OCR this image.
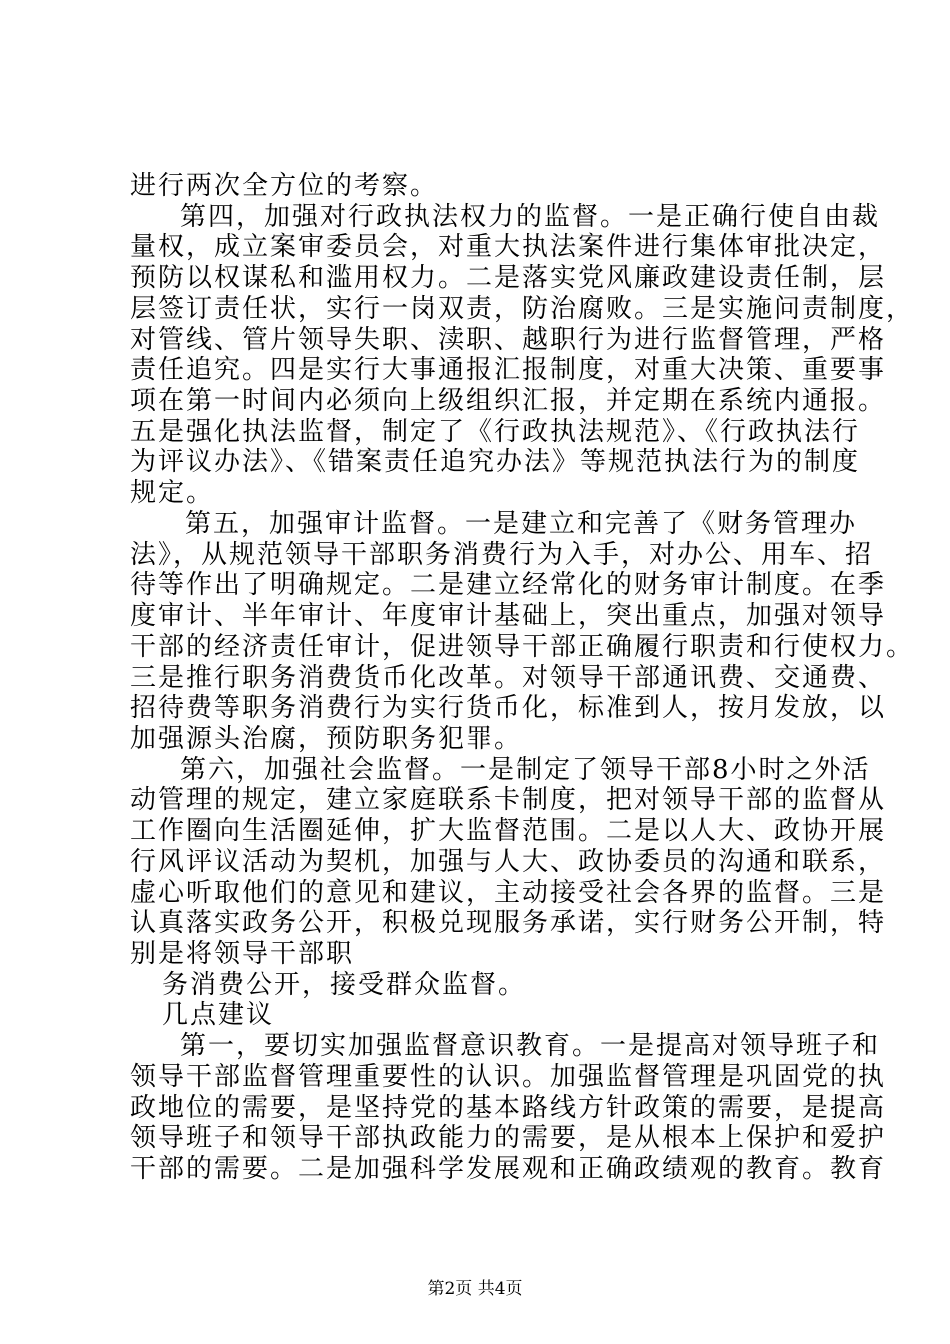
进行两次全方位的考察。
第四，加强对行政执法权力的监督。一是正确行使自由裁
量权，成立案审委员会，对重大执法案件进行集体审批决定，
预防以权谋私和滥用权力。二是落实党风廉政建设责任制，层
层签订责任状，实行一岗双责，防治腐败。三是实施问责制度，
对管线、管片领导失职、渎职、越职行为进行监督管理，严格
责任追究。四是实行大事通报汇报制度，对重大决策、重要事
项在第一时间内必须向上级组织汇报，并定期在系统内通报。
五是强化执法监督，制定了《行政执法规范》、《行政执法行
为评议办法》、《错案责任追究办法》等规范执法行为的制度
规定。
第五，加强审计监督。一是建立和完善了《财务管理办
法》，从规范领导干部职务消费行为入手，对办公、用车、招
待等作出了明确规定。二是建立经常化的财务审计制度。在季
度审计、半年审计、年度审计基础上，突出重点，加强对领导
干部的经济责任审计，促进领导干部正确履行职责和行使权力。
三是推行职务消费货币化改革。对领导干部通讯费、交通费、
招待费等职务消费行为实行货币化，标准到人，按月发放，以
加强源头治腐，预防职务犯罪。
第六，加强社会监督。一是制定了领导干部8小时之外活
动管理的规定，建立家庭联系卡制度，把对领导干部的监督从
工作圈向生活圈延伸，扩大监督范围。二是以人大、政协开展
行风评议活动为契机，加强与人大、政协委员的沟通和联系，
虚心听取他们的意见和建议，主动接受社会各界的监督。三是
认真落实政务公开，积极兑现服务承诺，实行财务公开制，特
别是将领导干部职
务消费公开，接受群众监督。
几点建议
第一，要切实加强监督意识教育。一是提高对领导班子和
领导干部监督管理重要性的认识。加强监督管理是巩固党的执
政地位的需要，是坚持党的基本路线方针政策的需要，是提高
领导班子和领导干部执政能力的需要，是从根本上保护和爱护
干部的需要。二是加强科学发展观和正确政绩观的教育。教育
第2页 共4页
